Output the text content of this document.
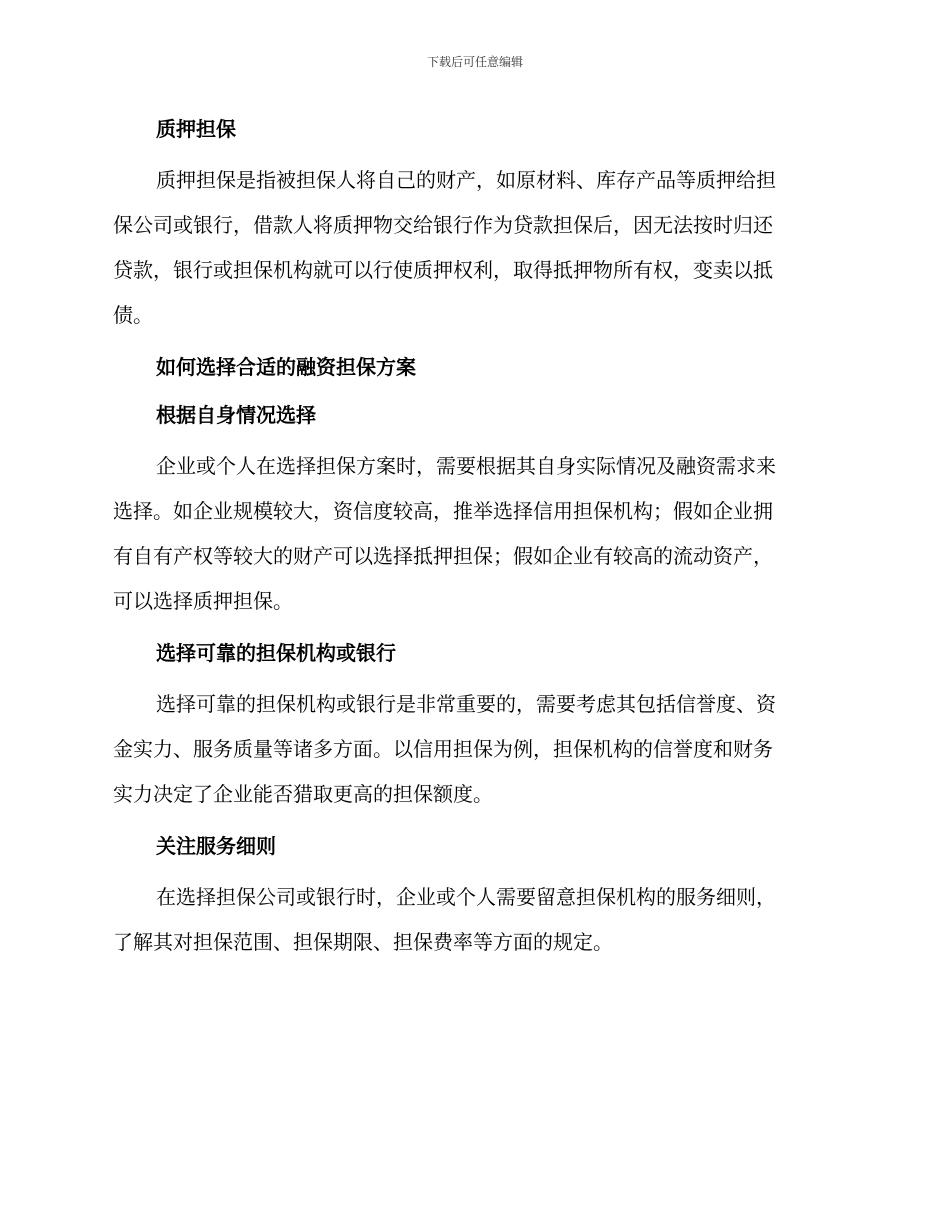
下载后可任意编辑
质押担保
质押担保是指被担保人将自己的财产，如原材料、库存产品等质押给担
保公司或银行，借款人将质押物交给银行作为贷款担保后，因无法按时归还
贷款，银行或担保机构就可以行使质押权利，取得抵押物所有权，变卖以抵
债。
如何选择合适的融资担保方案
根据自身情况选择
企业或个人在选择担保方案时，需要根据其自身实际情况及融资需求来
选择。如企业规模较大，资信度较高，推举选择信用担保机构；假如企业拥
有自有产权等较大的财产可以选择抵押担保；假如企业有较高的流动资产，
可以选择质押担保。
选择可靠的担保机构或银行
选择可靠的担保机构或银行是非常重要的，需要考虑其包括信誉度、资
金实力、服务质量等诸多方面。以信用担保为例，担保机构的信誉度和财务
实力决定了企业能否猎取更高的担保额度。
关注服务细则
在选择担保公司或银行时，企业或个人需要留意担保机构的服务细则，
了解其对担保范围、担保期限、担保费率等方面的规定。
